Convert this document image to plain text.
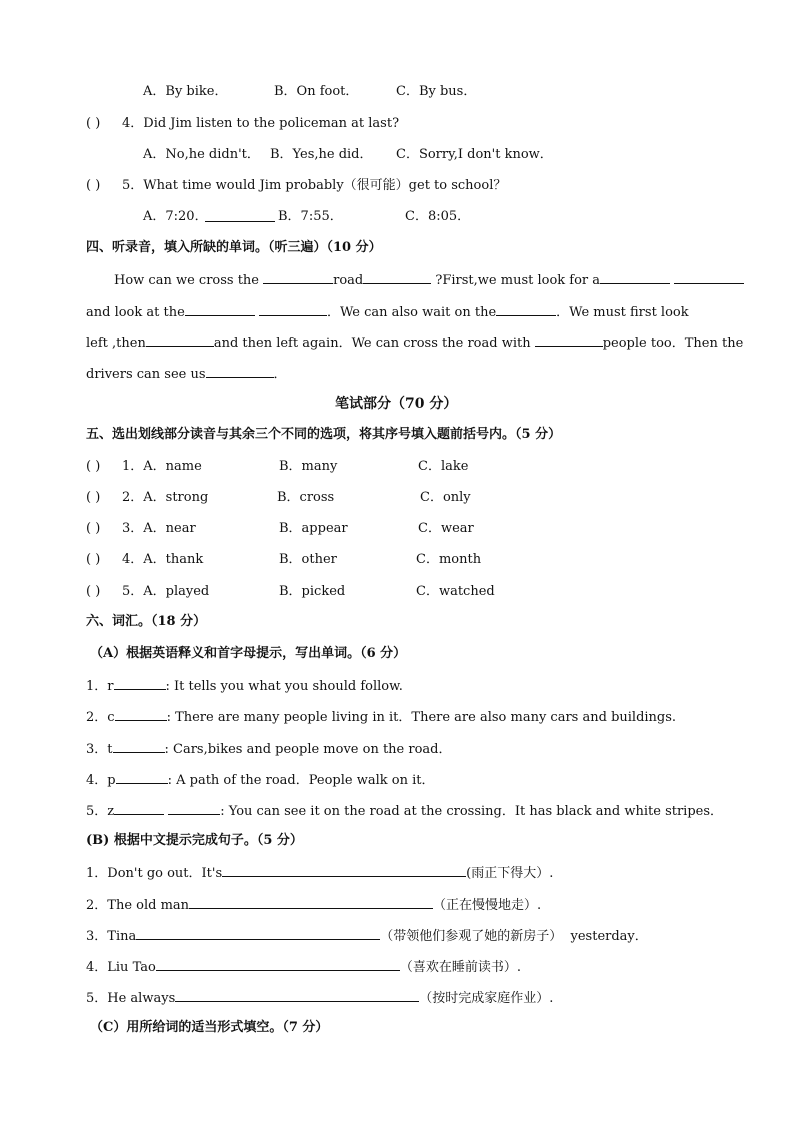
A．By bike．	B．On foot．	C．By bus．
( ) 4．Did Jim listen to the policeman at last?
A．No,he didn't． B．Yes,he did． C．Sorry,I don't know．
( ) 5．What time would Jim probably（很可能）get to school？
A．7:20．	B．7:55．	C．8:05．
四、听录音，填入所缺的单词。（听三遍）（10 分）
How can we cross the	road	?First,we must look for a
and look at the	．We can also wait on the	．We must first look
left ,then	and then left again．We can cross the road with	people too．Then the
drivers can see us	．
笔试部分（70 分）
五、选出划线部分读音与其余三个不同的选项，将其序号填入题前括号内。（5 分）
( ) 1．A．name	B．many	C．lake
( ) 2．A．strong	B．cross	C．only
( ) 3．A．near	B．appear	C．wear
( ) 4．A．thank	B．other	C．month
( ) 5．A．played	B．picked	C．watched
六、词汇。（18 分）
（A）根据英语释义和首字母提示，写出单词。（6 分）
1．r	: It tells you what you should follow.
2．c	: There are many people living in it．There are also many cars and buildings.
3．t	: Cars,bikes and people move on the road．
4．p	: A path of the road．People walk on it．
5．z	: You can see it on the road at the crossing．It has black and white stripes．
(B) 根据中文提示完成句子。（5 分）
1．Don't go out．It's	(雨正下得大）.
2．The old man	（正在慢慢地走）.
3．Tina	（带领他们参观了她的新房子） yesterday．
4．Liu Tao	（喜欢在睡前读书）.
5．He always	（按时完成家庭作业）.
（C）用所给词的适当形式填空。（7 分）
